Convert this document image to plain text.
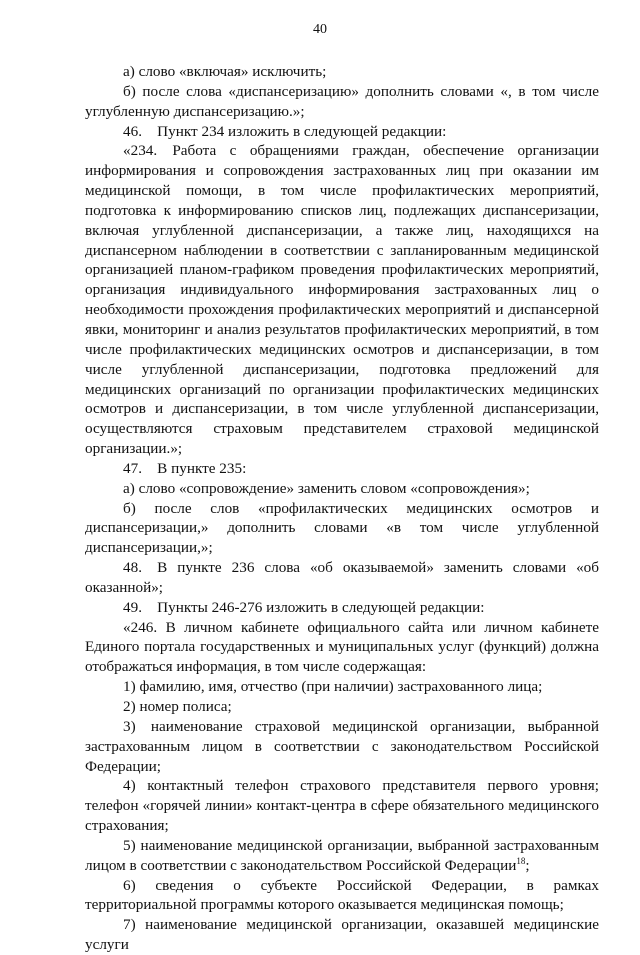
40

а) слово «включая» исключить;

б) после слова «диспансеризацию» дополнить словами «, в том числе углубленную диспансеризацию.»;

46. Пункт 234 изложить в следующей редакции:

«234. Работа с обращениями граждан, обеспечение организации информирования и сопровождения застрахованных лиц при оказании им медицинской помощи, в том числе профилактических мероприятий, подготовка к информированию списков лиц, подлежащих диспансеризации, включая углубленной диспансеризации, а также лиц, находящихся на диспансерном наблюдении в соответствии с запланированным медицинской организацией планом-графиком проведения профилактических мероприятий, организация индивидуального информирования застрахованных лиц о необходимости прохождения профилактических мероприятий и диспансерной явки, мониторинг и анализ результатов профилактических мероприятий, в том числе профилактических медицинских осмотров и диспансеризации, в том числе углубленной диспансеризации, подготовка предложений для медицинских организаций по организации профилактических медицинских осмотров и диспансеризации, в том числе углубленной диспансеризации, осуществляются страховым представителем страховой медицинской организации.»;

47. В пункте 235:

а) слово «сопровождение» заменить словом «сопровождения»;

б) после слов «профилактических медицинских осмотров и диспансеризации,» дополнить словами «в том числе углубленной диспансеризации,»;

48. В пункте 236 слова «об оказываемой» заменить словами «об оказанной»;

49. Пункты 246-276 изложить в следующей редакции:

«246. В личном кабинете официального сайта или личном кабинете Единого портала государственных и муниципальных услуг (функций) должна отображаться информация, в том числе содержащая:

1) фамилию, имя, отчество (при наличии) застрахованного лица;

2) номер полиса;

3) наименование страховой медицинской организации, выбранной застрахованным лицом в соответствии с законодательством Российской Федерации;

4) контактный телефон страхового представителя первого уровня; телефон «горячей линии» контакт-центра в сфере обязательного медицинского страхования;

5) наименование медицинской организации, выбранной застрахованным лицом в соответствии с законодательством Российской Федерации$^{18}$;

6) сведения о субъекте Российской Федерации, в рамках территориальной программы которого оказывается медицинская помощь;

7) наименование медицинской организации, оказавшей медицинские услуги
